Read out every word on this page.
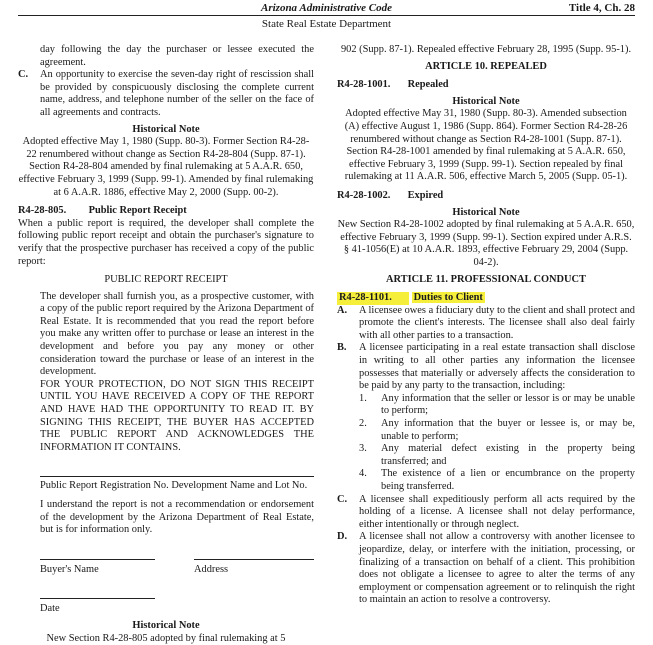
Arizona Administrative Code	Title 4, Ch. 28
State Real Estate Department

day following the day the purchaser or lessee executed the agreement.

C. An opportunity to exercise the seven-day right of rescission shall be provided by conspicuously disclosing the complete current name, address, and telephone number of the seller on the face of all agreements and contracts.

Historical Note

Adopted effective May 1, 1980 (Supp. 80-3). Former Section R4-28-22 renumbered without change as Section R4-28-804 (Supp. 87-1). Section R4-28-804 amended by final rulemaking at 5 A.A.R. 650, effective February 3, 1999 (Supp. 99-1). Amended by final rulemaking at 6 A.A.R. 1886, effective May 2, 2000 (Supp. 00-2).

R4-28-805. Public Report Receipt

When a public report is required, the developer shall complete the following public report receipt and obtain the purchaser's signature to verify that the prospective purchaser has received a copy of the public report:

PUBLIC REPORT RECEIPT

The developer shall furnish you, as a prospective customer, with a copy of the public report required by the Arizona Department of Real Estate. It is recommended that you read the report before you make any written offer to purchase or lease an interest in the development and before you pay any money or other consideration toward the purchase or lease of an interest in the development.

FOR YOUR PROTECTION, DO NOT SIGN THIS RECEIPT UNTIL YOU HAVE RECEIVED A COPY OF THE REPORT AND HAVE HAD THE OPPORTUNITY TO READ IT. BY SIGNING THIS RECEIPT, THE BUYER HAS ACCEPTED THE PUBLIC REPORT AND ACKNOWLEDGES THE INFORMATION IT CONTAINS.

Public Report Registration No. Development Name and Lot No.

I understand the report is not a recommendation or endorsement of the development by the Arizona Department of Real Estate, but is for information only.

Buyer's Name	Address

Date

Historical Note

New Section R4-28-805 adopted by final rulemaking at 5

902 (Supp. 87-1). Repealed effective February 28, 1995 (Supp. 95-1).

ARTICLE 10. REPEALED

R4-28-1001. Repealed

Historical Note

Adopted effective May 31, 1980 (Supp. 80-3). Amended subsection (A) effective August 1, 1986 (Supp. 864). Former Section R4-28-26 renumbered without change as Section R4-28-1001 (Supp. 87-1). Section R4-28-1001 amended by final rulemaking at 5 A.A.R. 650, effective February 3, 1999 (Supp. 99-1). Section repealed by final rulemaking at 11 A.A.R. 506, effective March 5, 2005 (Supp. 05-1).

R4-28-1002. Expired

Historical Note

New Section R4-28-1002 adopted by final rulemaking at 5 A.A.R. 650, effective February 3, 1999 (Supp. 99-1). Section expired under A.R.S. § 41-1056(E) at 10 A.A.R. 1893, effective February 29, 2004 (Supp. 04-2).

ARTICLE 11. PROFESSIONAL CONDUCT

R4-28-1101. Duties to Client

A. A licensee owes a fiduciary duty to the client and shall protect and promote the client's interests. The licensee shall also deal fairly with all other parties to a transaction.

B. A licensee participating in a real estate transaction shall disclose in writing to all other parties any information the licensee possesses that materially or adversely affects the consideration to be paid by any party to the transaction, including:

1. Any information that the seller or lessor is or may be unable to perform;

2. Any information that the buyer or lessee is, or may be, unable to perform;

3. Any material defect existing in the property being transferred; and

4. The existence of a lien or encumbrance on the property being transferred.

C. A licensee shall expeditiously perform all acts required by the holding of a license. A licensee shall not delay performance, either intentionally or through neglect.

D. A licensee shall not allow a controversy with another licensee to jeopardize, delay, or interfere with the initiation, processing, or finalizing of a transaction on behalf of a client. This prohibition does not obligate a licensee to agree to alter the terms of any employment or compensation agreement or to relinquish the right to maintain an action to resolve a controversy.
